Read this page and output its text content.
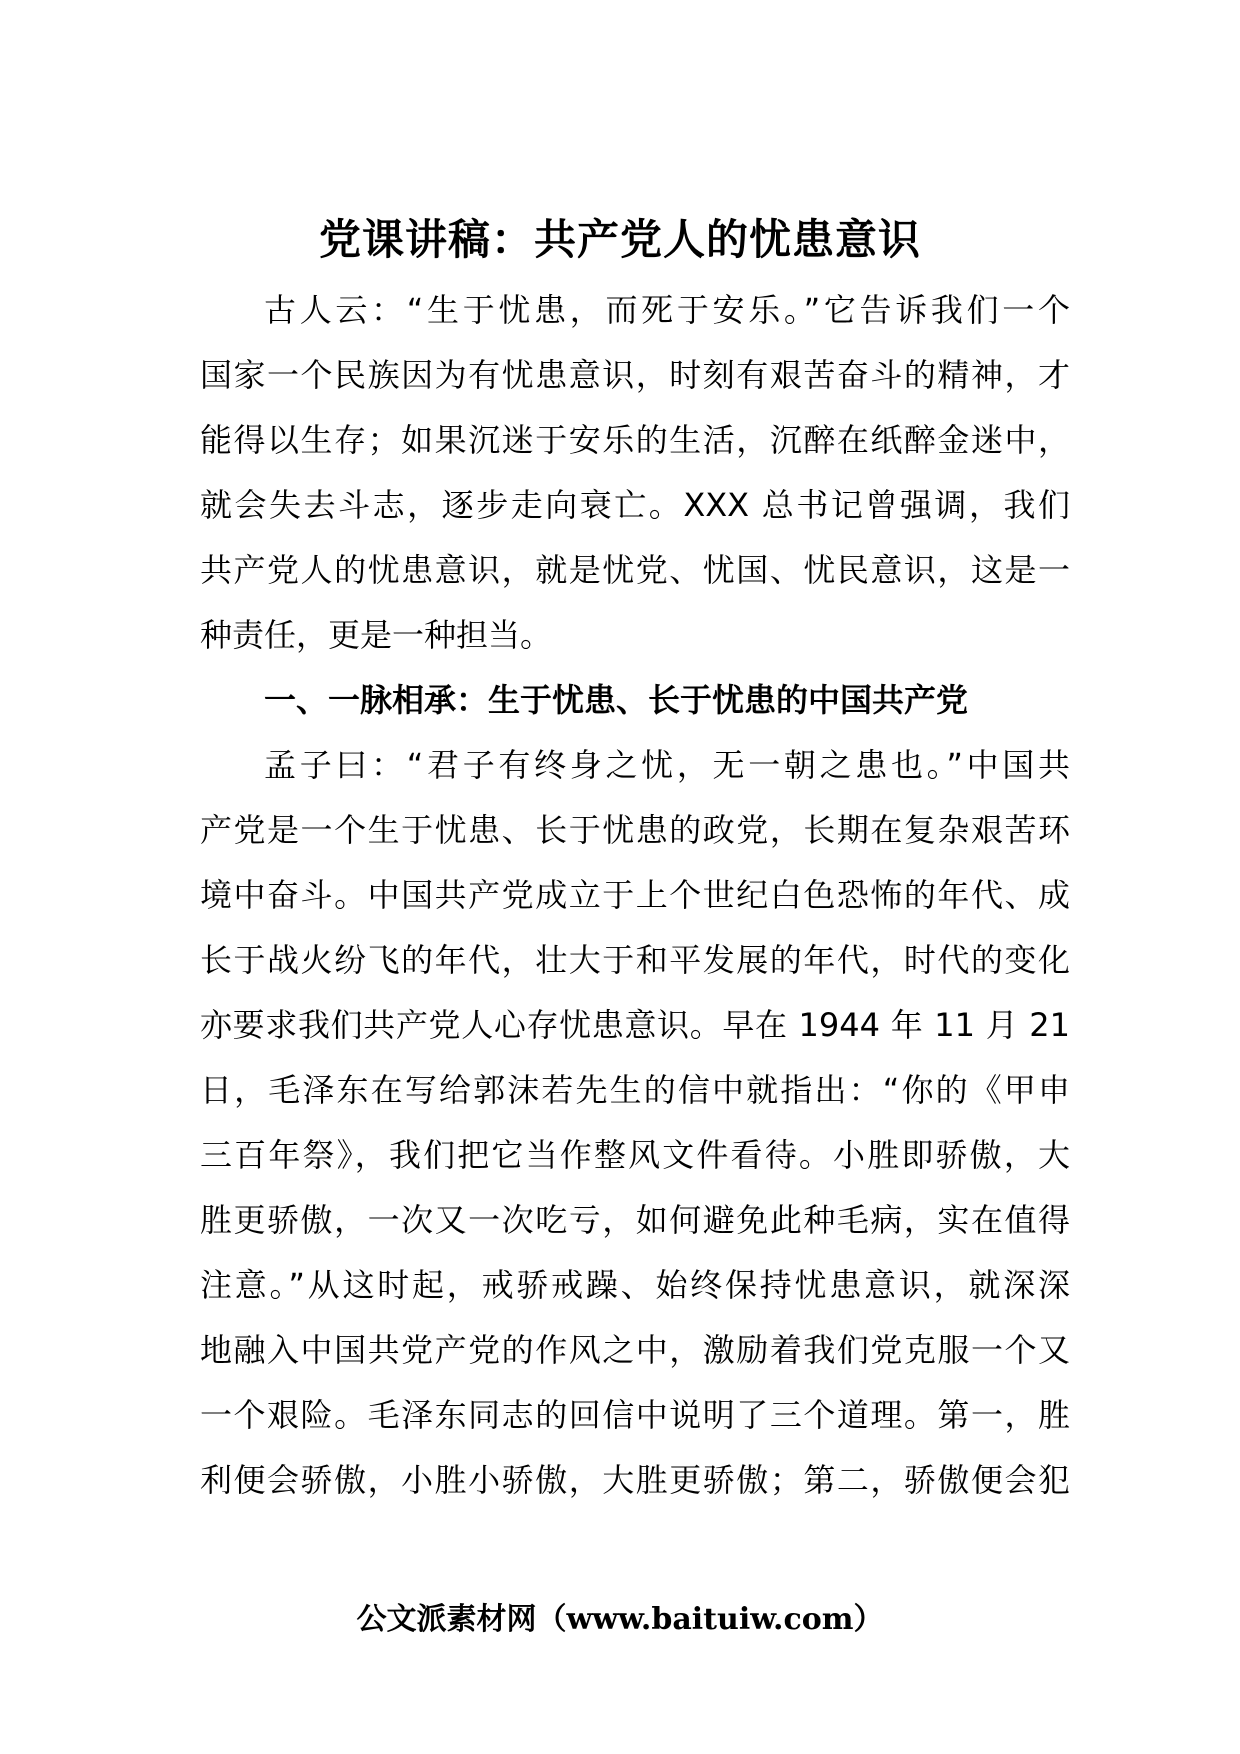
党课讲稿：共产党人的忧患意识
古人云：“生于忧患，而死于安乐。”它告诉我们一个
国家一个民族因为有忧患意识，时刻有艰苦奋斗的精神，才
能得以生存；如果沉迷于安乐的生活，沉醉在纸醉金迷中，
就会失去斗志，逐步走向衰亡。XXX 总书记曾强调，我们
共产党人的忧患意识，就是忧党、忧国、忧民意识，这是一
种责任，更是一种担当。
一、一脉相承：生于忧患、长于忧患的中国共产党
孟子曰：“君子有终身之忧，无一朝之患也。”中国共
产党是一个生于忧患、长于忧患的政党，长期在复杂艰苦环
境中奋斗。中国共产党成立于上个世纪白色恐怖的年代、成
长于战火纷飞的年代，壮大于和平发展的年代，时代的变化
亦要求我们共产党人心存忧患意识。早在 1944 年 11 月 21
日，毛泽东在写给郭沫若先生的信中就指出：“你的《甲申
三百年祭》，我们把它当作整风文件看待。小胜即骄傲，大
胜更骄傲，一次又一次吃亏，如何避免此种毛病，实在值得
注意。”从这时起，戒骄戒躁、始终保持忧患意识，就深深
地融入中国共党产党的作风之中，激励着我们党克服一个又
一个艰险。毛泽东同志的回信中说明了三个道理。第一，胜
利便会骄傲，小胜小骄傲，大胜更骄傲；第二，骄傲便会犯
公文派素材网（www.baituiw.com）
